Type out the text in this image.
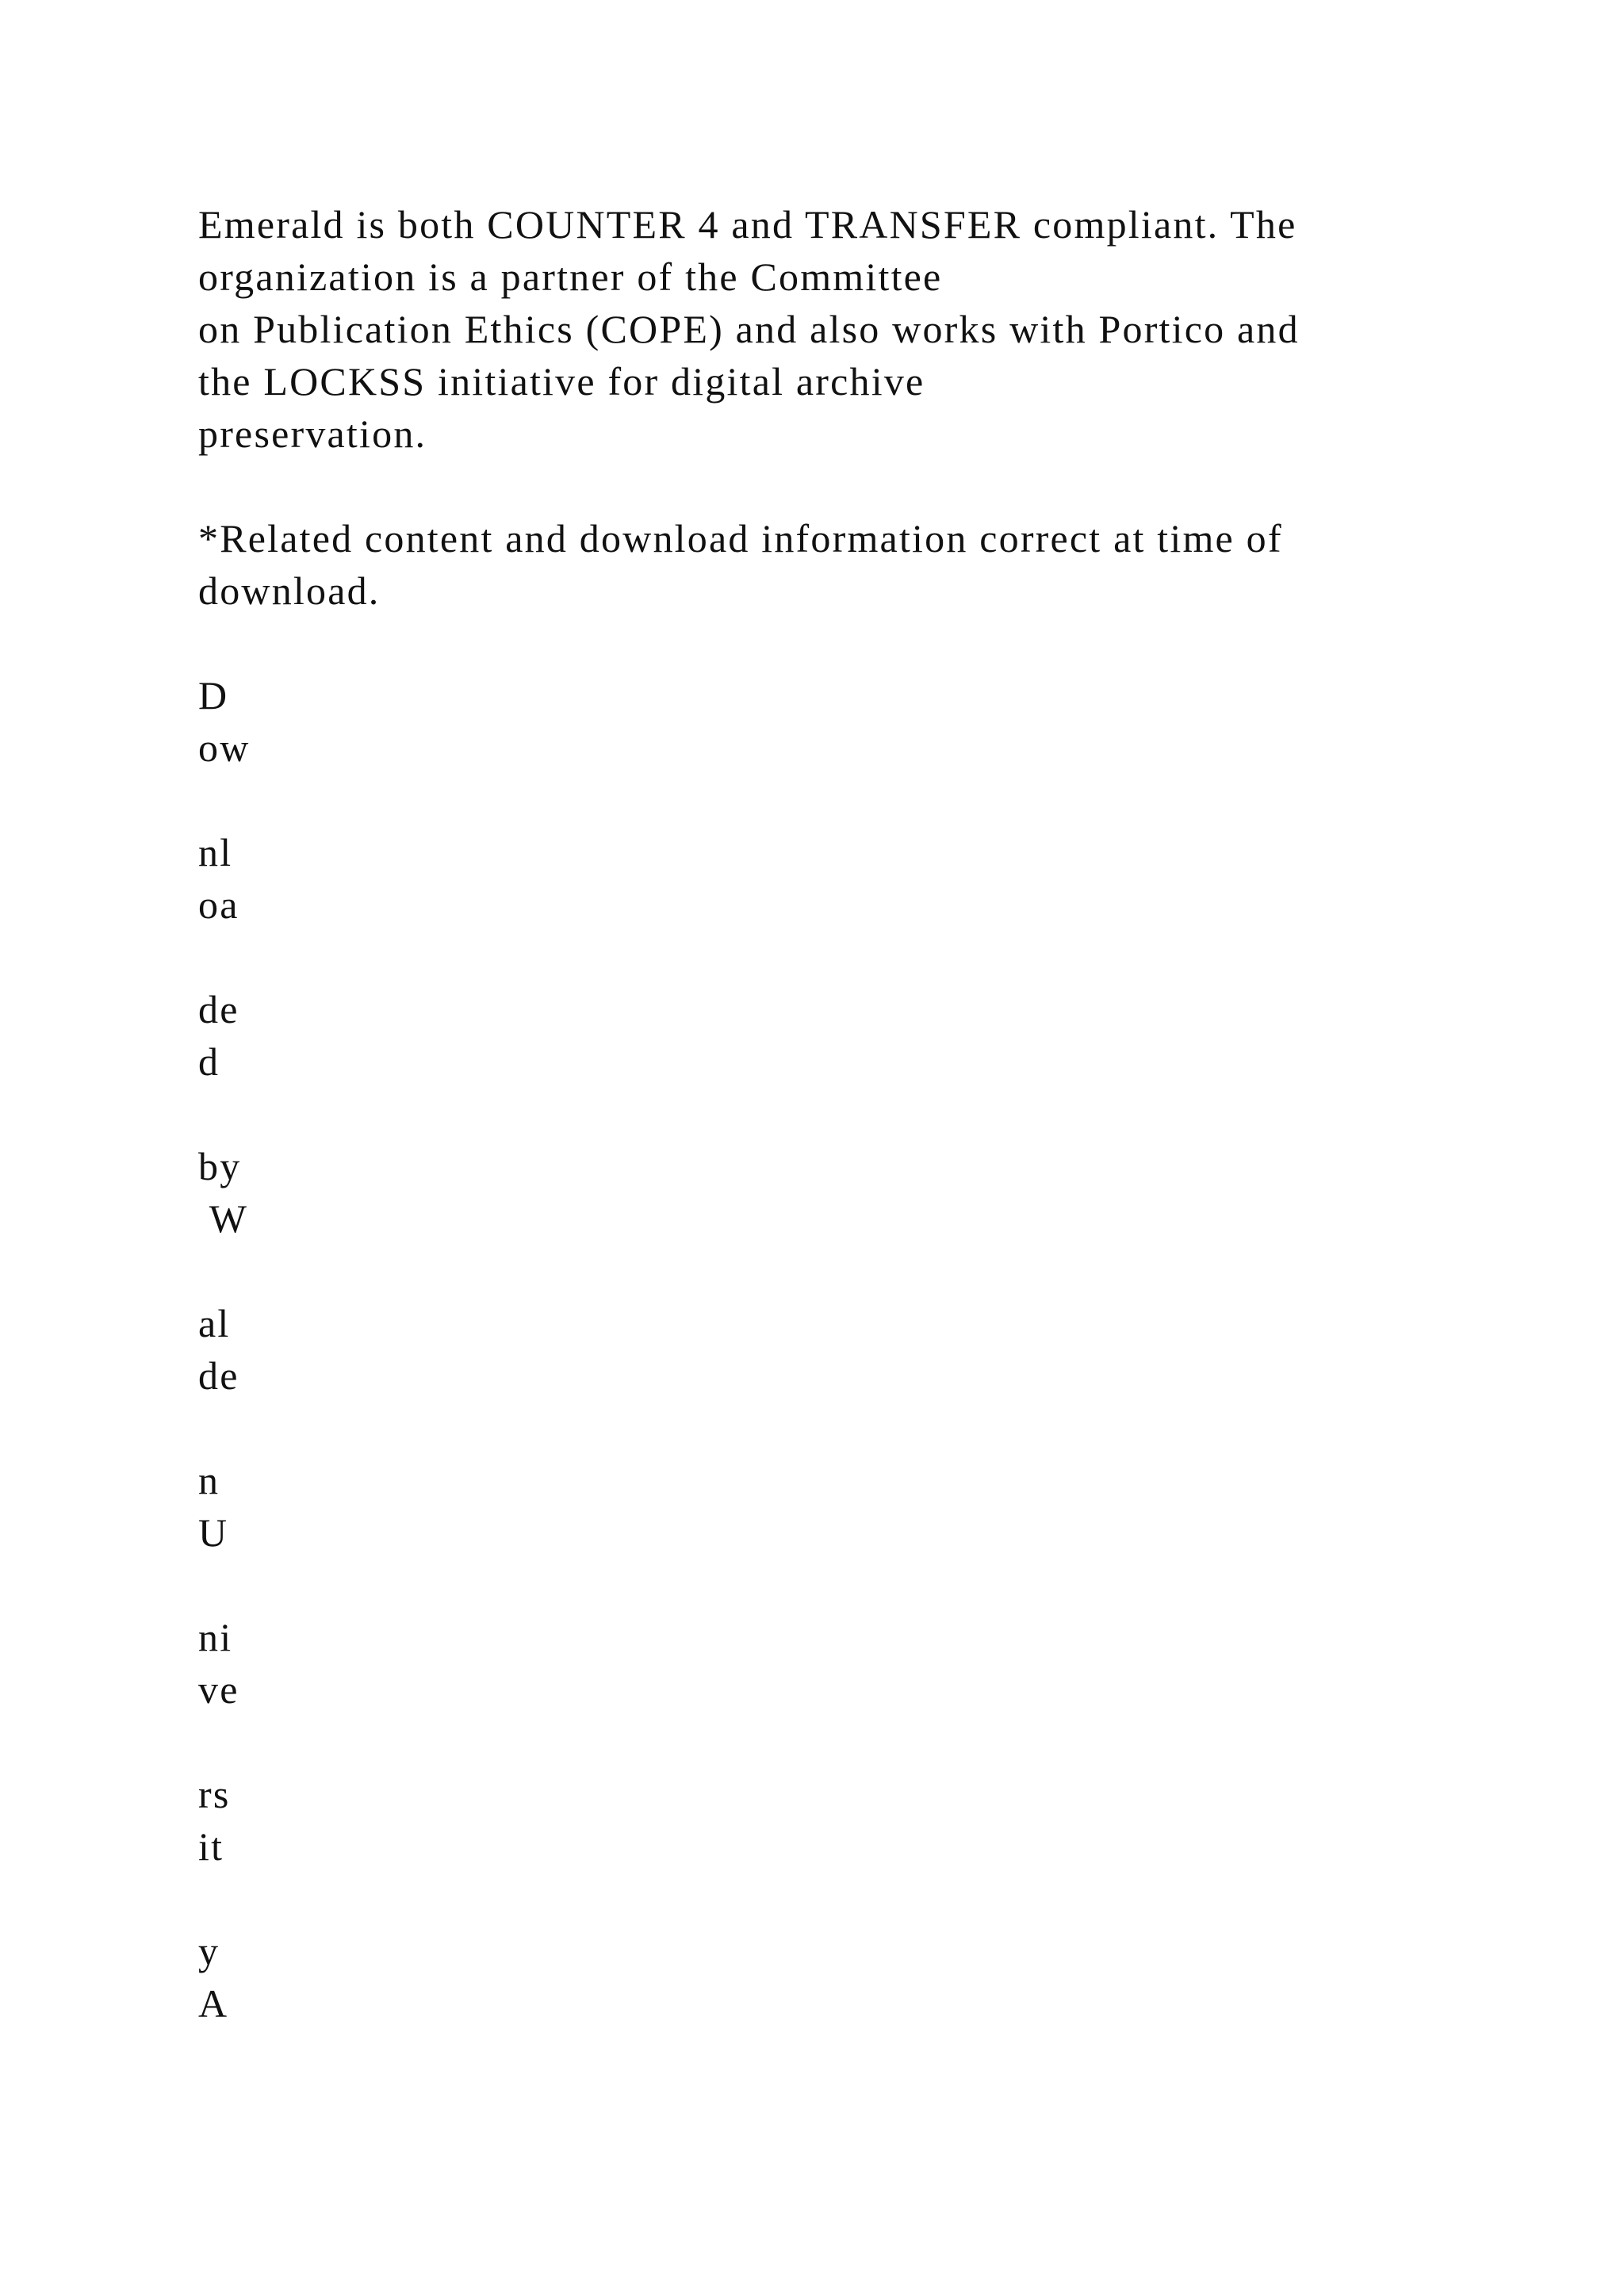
Emerald is both COUNTER 4 and TRANSFER compliant. The
organization is a partner of the Committee
on Publication Ethics (COPE) and also works with Portico and
the LOCKSS initiative for digital archive
preservation.
*Related content and download information correct at time of
download.
D
ow
nl
oa
de
d
by
W
al
de
n
U
ni
ve
rs
it
y
A
